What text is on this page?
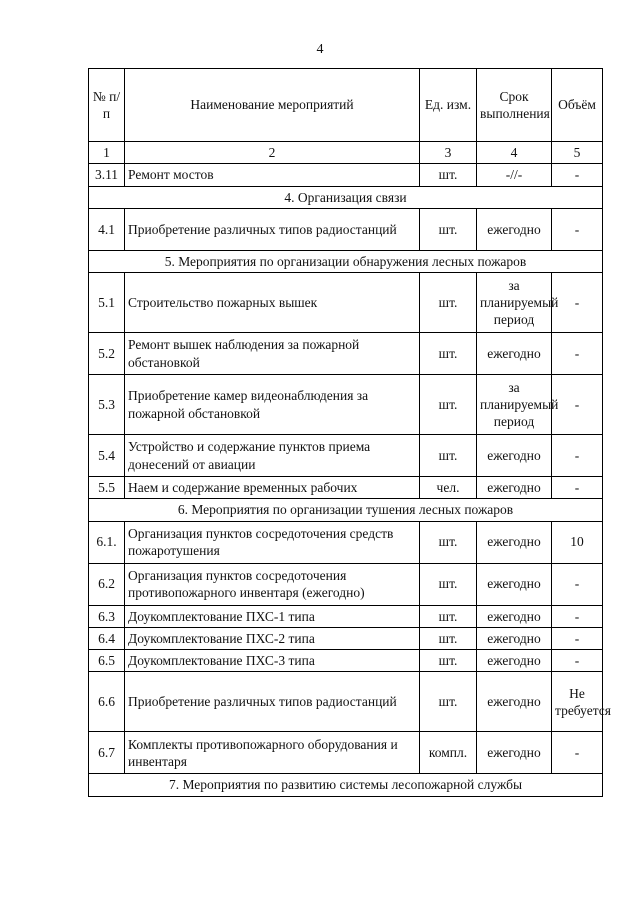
4
№ п/п	Наименование мероприятий	Ед. изм.	Срок выполнения	Объём
1	2	3	4	5
3.11	Ремонт мостов	шт.	-//-	-
4. Организация связи				
4.1	Приобретение различных типов радиостанций	шт.	ежегодно	-
5. Мероприятия по организации обнаружения лесных пожаров				
5.1	Строительство пожарных вышек	шт.	за планируемый период	-
5.2	Ремонт вышек наблюдения за пожарной обстановкой	шт.	ежегодно	-
5.3	Приобретение камер видеонаблюдения за пожарной обстановкой	шт.	за планируемый период	-
5.4	Устройство и содержание пунктов приема донесений от авиации	шт.	ежегодно	-
5.5	Наем и содержание временных рабочих	чел.	ежегодно	-
6. Мероприятия по организации тушения лесных пожаров				
6.1.	Организация пунктов сосредоточения средств пожаротушения	шт.	ежегодно	10
6.2	Организация пунктов сосредоточения противопожарного инвентаря (ежегодно)	шт.	ежегодно	-
6.3	Доукомплектование ПХС-1 типа	шт.	ежегодно	-
6.4	Доукомплектование ПХС-2 типа	шт.	ежегодно	-
6.5	Доукомплектование ПХС-3 типа	шт.	ежегодно	-
6.6	Приобретение различных типов радиостанций	шт.	ежегодно	Не требуется
6.7	Комплекты противопожарного оборудования и инвентаря	компл.	ежегодно	-
7. Мероприятия по развитию системы лесопожарной службы				
